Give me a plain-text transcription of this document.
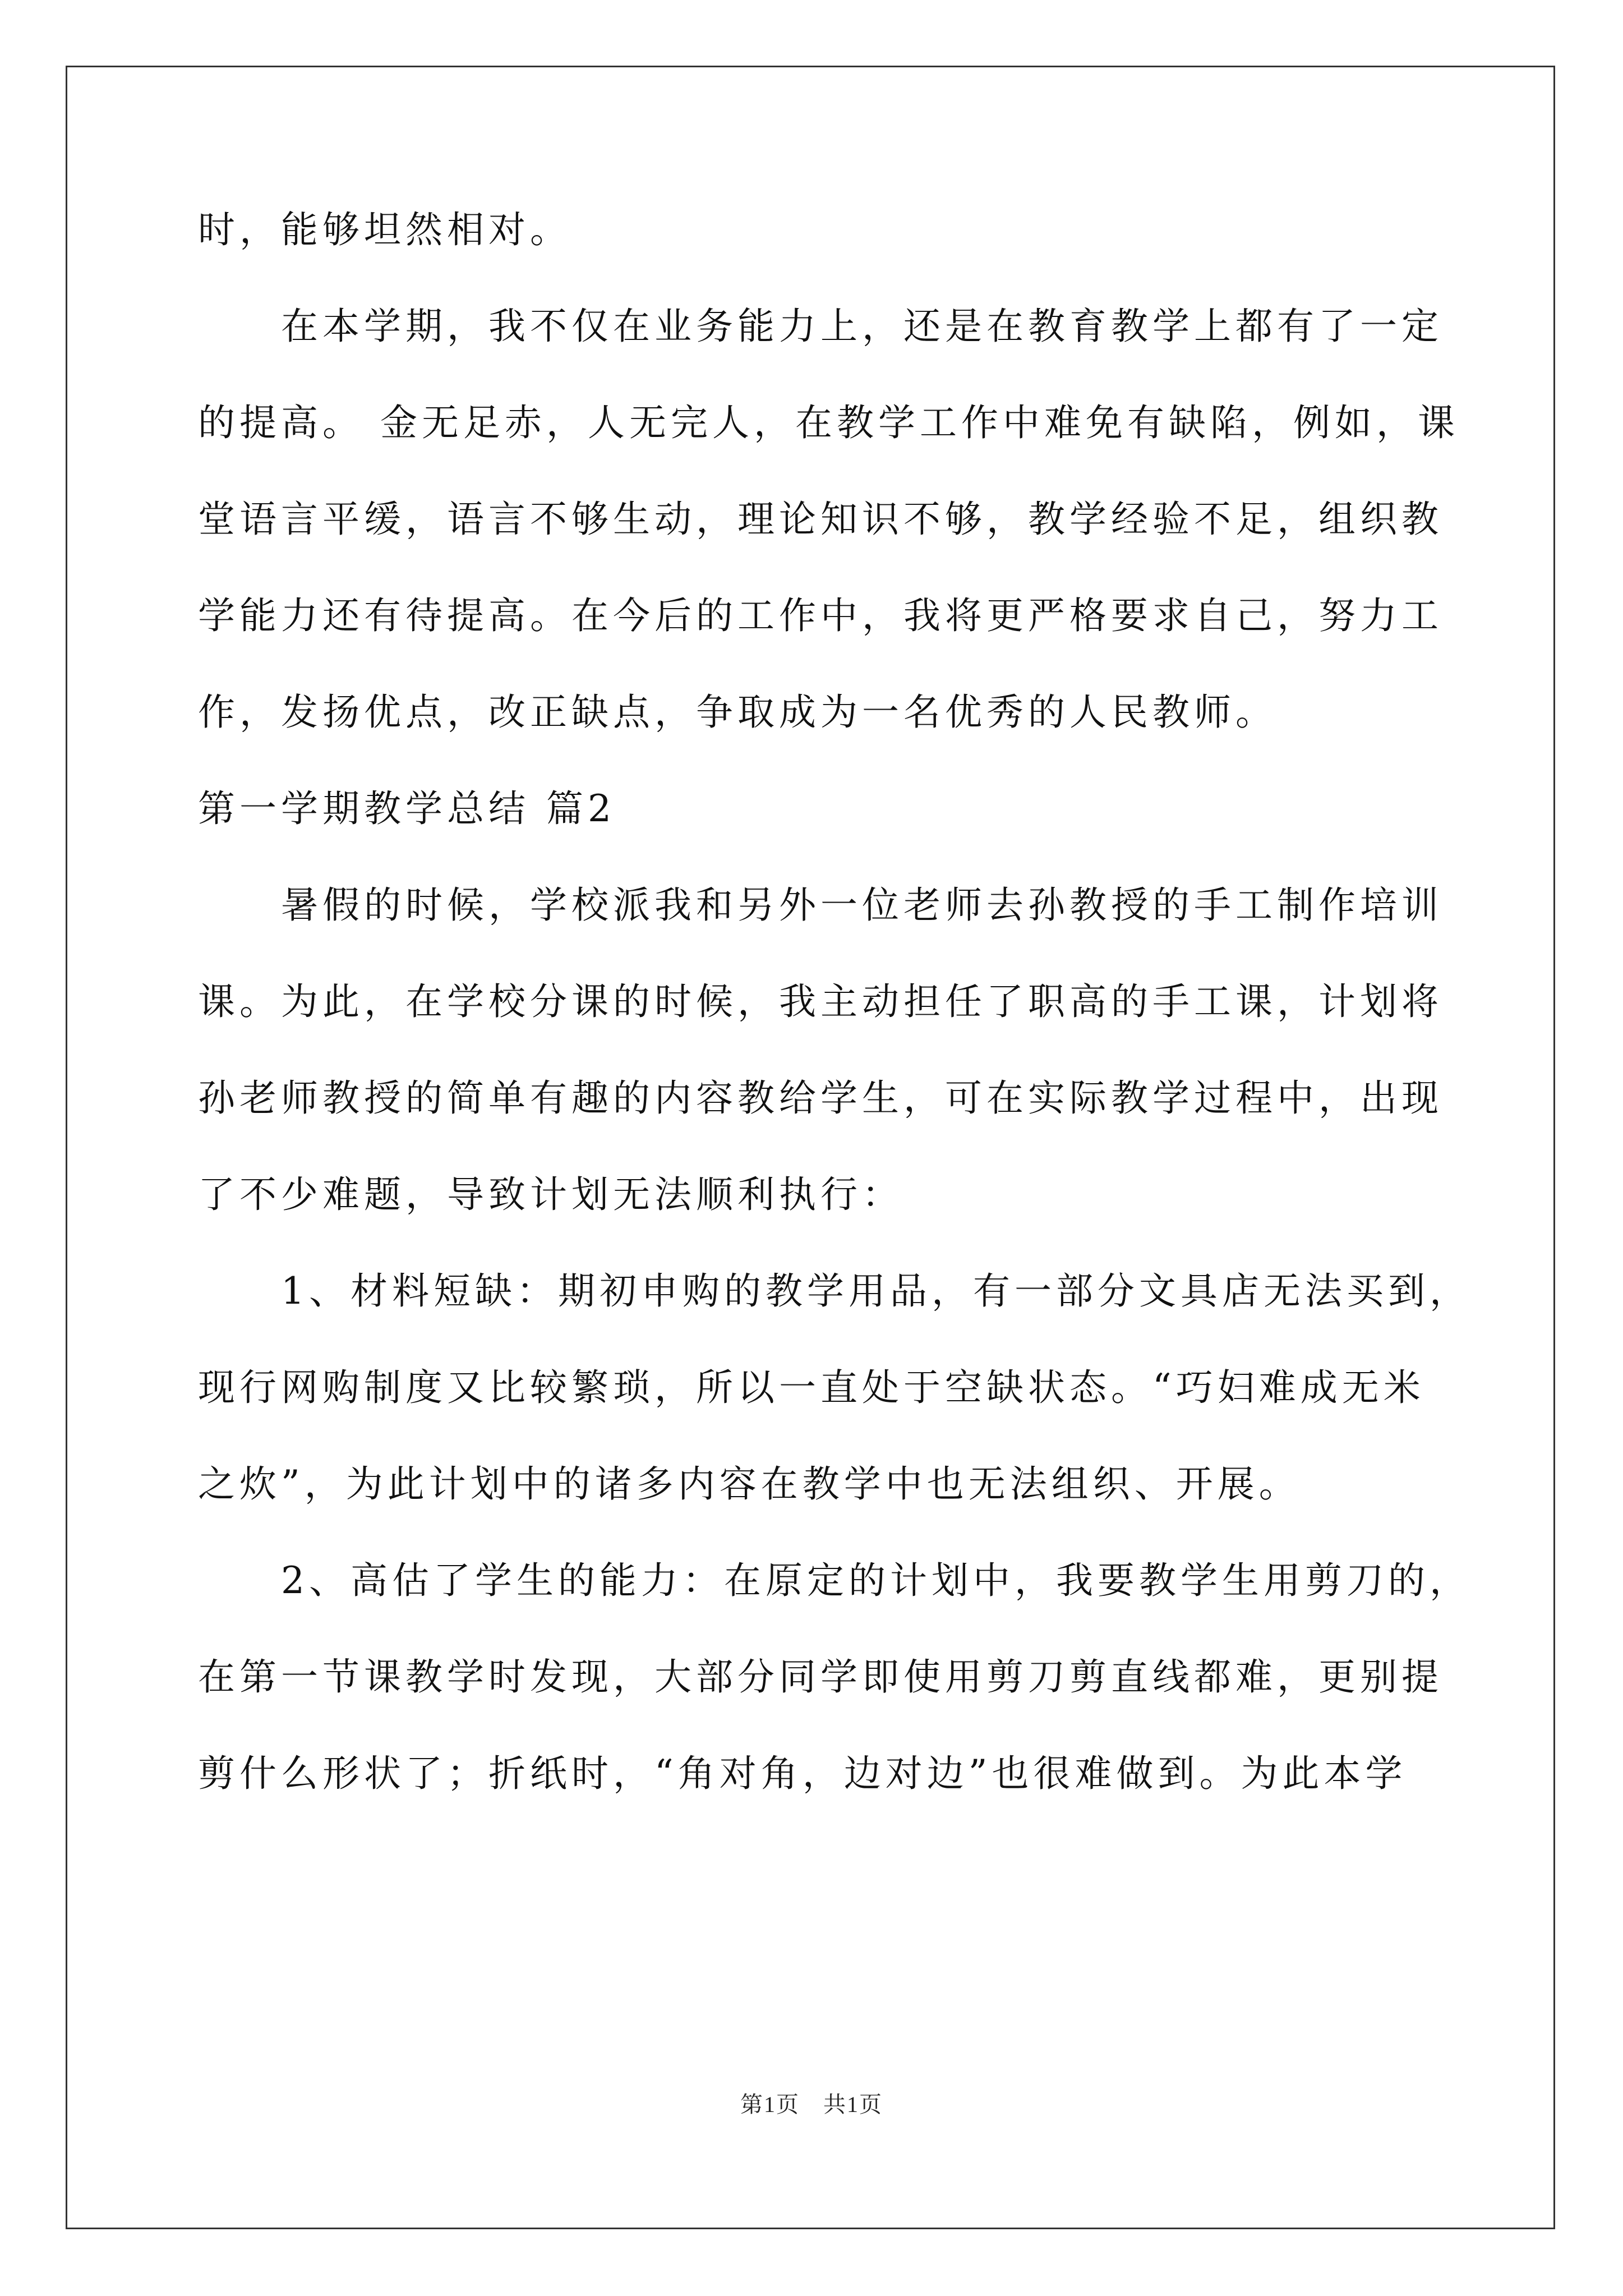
时，能够坦然相对。
在本学期，我不仅在业务能力上，还是在教育教学上都有了一定
的提高。 金无足赤，人无完人，在教学工作中难免有缺陷，例如，课
堂语言平缓，语言不够生动，理论知识不够，教学经验不足，组织教
学能力还有待提高。在今后的工作中，我将更严格要求自己，努力工
作，发扬优点，改正缺点，争取成为一名优秀的人民教师。
第一学期教学总结 篇2
暑假的时候，学校派我和另外一位老师去孙教授的手工制作培训
课。为此，在学校分课的时候，我主动担任了职高的手工课，计划将
孙老师教授的简单有趣的内容教给学生，可在实际教学过程中，出现
了不少难题，导致计划无法顺利执行：
1、材料短缺：期初申购的教学用品，有一部分文具店无法买到，
现行网购制度又比较繁琐，所以一直处于空缺状态。“巧妇难成无米
之炊”，为此计划中的诸多内容在教学中也无法组织、开展。
2、高估了学生的能力：在原定的计划中，我要教学生用剪刀的，
在第一节课教学时发现，大部分同学即使用剪刀剪直线都难，更别提
剪什么形状了；折纸时，“角对角，边对边”也很难做到。为此本学
第1页　共1页
